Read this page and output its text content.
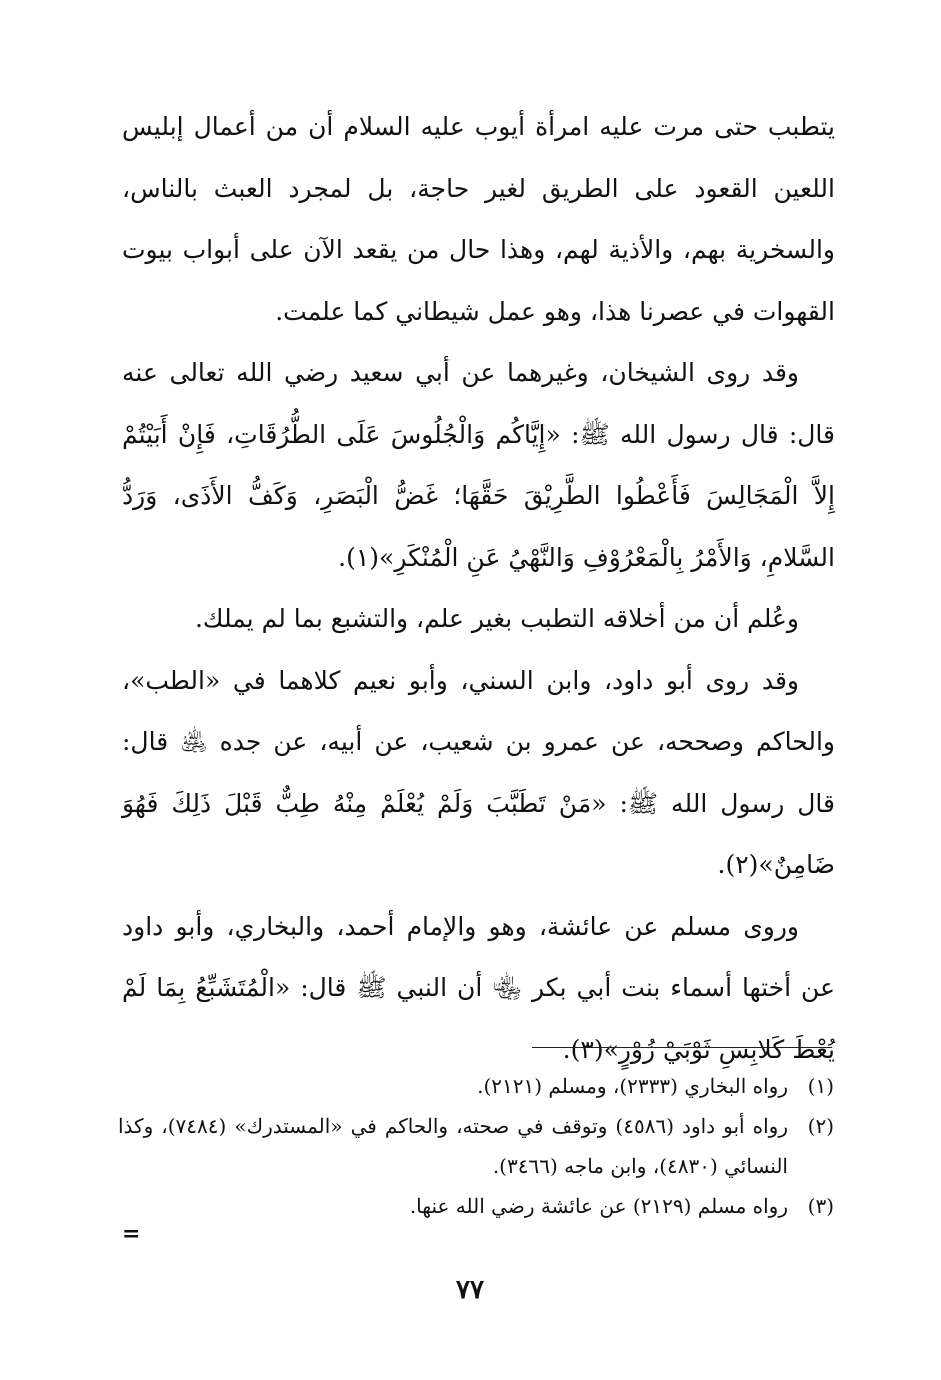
يتطبب حتى مرت عليه امرأة أيوب عليه السلام أن من أعمال إبليس اللعين القعود على الطريق لغير حاجة، بل لمجرد العبث بالناس، والسخرية بهم، والأذية لهم، وهذا حال من يقعد الآن على أبواب بيوت القهوات في عصرنا هذا، وهو عمل شيطاني كما علمت.

وقد روى الشيخان، وغيرهما عن أبي سعيد رضي الله تعالى عنه قال: قال رسول الله ﷺ: «إِيَّاكُم وَالْجُلُوسَ عَلَى الطُّرُقَاتِ، فَإِنْ أَبَيْتُمْ إِلاَّ الْمَجَالِسَ فَأَعْطُوا الطَّرِيْقَ حَقَّهَا؛ غَضُّ الْبَصَرِ، وَكَفُّ الأَذَى، وَرَدُّ السَّلامِ، وَالأَمْرُ بِالْمَعْرُوْفِ وَالنَّهْيُ عَنِ الْمُنْكَرِ»(١).

وعُلم أن من أخلاقه التطبب بغير علم، والتشبع بما لم يملك.

وقد روى أبو داود، وابن السني، وأبو نعيم كلاهما في «الطب»، والحاكم وصححه، عن عمرو بن شعيب، عن أبيه، عن جده ﵁ قال: قال رسول الله ﷺ: «مَنْ تَطَبَّبَ وَلَمْ يُعْلَمْ مِنْهُ طِبٌّ قَبْلَ ذَلِكَ فَهُوَ ضَامِنٌ»(٢).

وروى مسلم عن عائشة، وهو والإمام أحمد، والبخاري، وأبو داود عن أختها أسماء بنت أبي بكر ﵄ أن النبي ﷺ قال: «الْمُتَشَبِّعُ بِمَا لَمْ يُعْطَ كَلابِسِ ثَوْبَيْ زُوْرٍ»(٣).

(١)
رواه البخاري (٢٣٣٣)، ومسلم (٢١٢١).
(٢)
رواه أبو داود (٤٥٨٦) وتوقف في صحته، والحاكم في «المستدرك» (٧٤٨٤)، وكذا النسائي (٤٨٣٠)، وابن ماجه (٣٤٦٦).
(٣)
رواه مسلم (٢١٢٩) عن عائشة رضي الله عنها.
=
٧٧
